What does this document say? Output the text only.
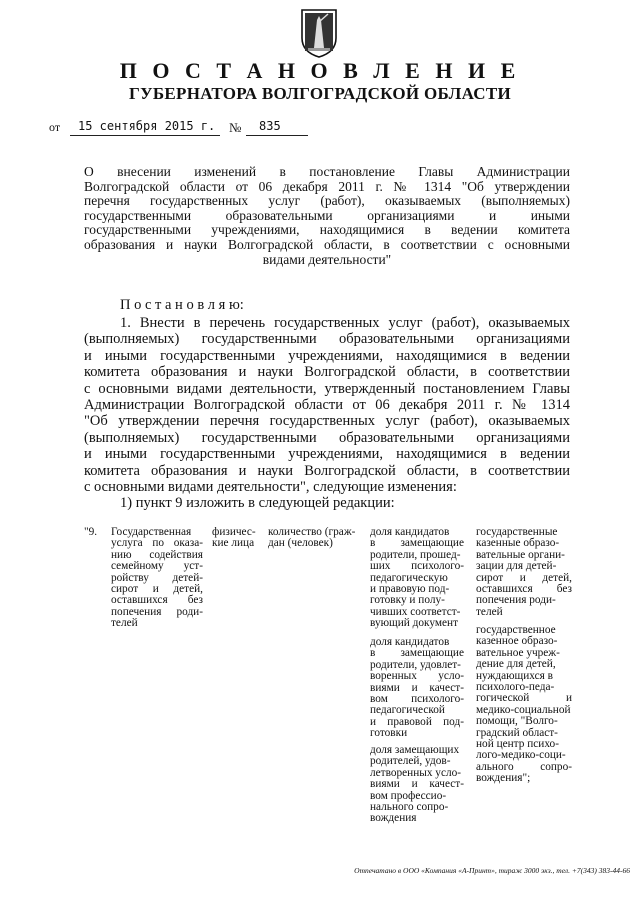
П О С Т А Н О В Л Е Н И Е
ГУБЕРНАТОРА ВОЛГОГРАДСКОЙ ОБЛАСТИ
от 15 сентября 2015 г. № 835
О внесении изменений в постановление Главы Администрации
Волгоградской области от 06 декабря 2011 г. № 1314 "Об утверждении
перечня государственных услуг (работ), оказываемых (выполняемых)
государственными образовательными организациями и иными
государственными учреждениями, находящимися в ведении комитета
образования и науки Волгоградской области, в соответствии с основными
видами деятельности"
П о с т а н о в л я ю:
1. Внести в перечень государственных услуг (работ), оказываемых
(выполняемых) государственными образовательными организациями
и иными государственными учреждениями, находящимися в ведении
комитета образования и науки Волгоградской области, в соответствии
с основными видами деятельности, утвержденный постановлением Главы
Администрации Волгоградской области от 06 декабря 2011 г. № 1314
"Об утверждении перечня государственных услуг (работ), оказываемых
(выполняемых) государственными образовательными организациями
и иными государственными учреждениями, находящимися в ведении
комитета образования и науки Волгоградской области, в соответствии
с основными видами деятельности", следующие изменения:
1) пункт 9 изложить в следующей редакции:
"9. Государственная
услуга по оказа-
нию содействия
семейному уст-
ройству детей-
сирот и детей,
оставшихся без
попечения роди-
телей
физичес-
кие лица
количество (граж-
дан (человек)
доля кандидатов
в замещающие
родители, прошед-
ших психолого-
педагогическую
и правовую под-
готовку и полу-
чивших соответст-
вующий документ
доля кандидатов
в замещающие
родители, удовлет-
воренных усло-
виями и качест-
вом психолого-
педагогической
и правовой под-
готовки
доля замещающих
родителей, удов-
летворенных усло-
виями и качест-
вом профессио-
нального сопро-
вождения
государственные
казенные образо-
вательные органи-
зации для детей-
сирот и детей,
оставшихся без
попечения роди-
телей
государственное
казенное образо-
вательное учреж-
дение для детей,
нуждающихся в
психолого-педа-
гогической и
медико-социальной
помощи, "Волго-
градский област-
ной центр психо-
лого-медико-соци-
ального сопро-
вождения";
Отпечатано в ООО «Компания «А-Принт», тираж 3000 экз., тел. +7(343) 383-44-66
